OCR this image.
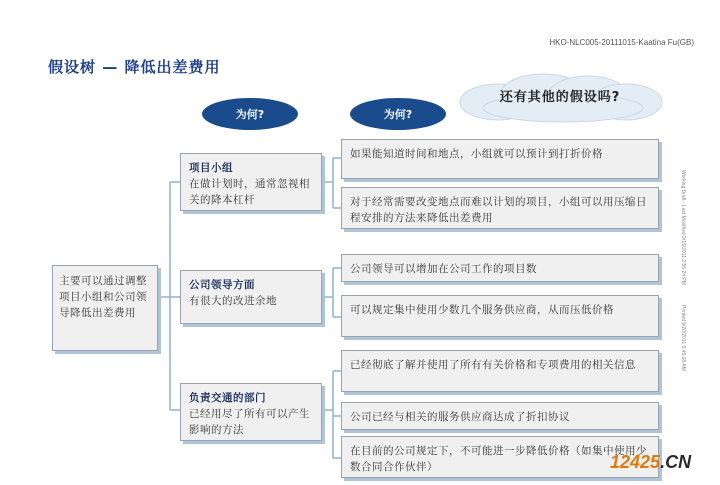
HKO-NLC005-20111015-Kaatina Fu(GB)
假设树 — 降低出差费用
还有其他的假设吗?
为何?	为何?
主要可以通过调整项目小组和公司领导降低出差费用
项目小组
在做计划时，通常忽视相关的降本杠杆
公司领导方面
有很大的改进余地
负责交通的部门
已经用尽了所有可以产生影响的方法
如果能知道时间和地点，小组就可以预计到打折价格
对于经常需要改变地点而难以计划的项目，小组可以用压缩日程安排的方法来降低出差费用
公司领导可以增加在公司工作的项目数
可以规定集中使用少数几个服务供应商，从而压低价格
已经彻底了解并使用了所有有关价格和专项费用的相关信息
公司已经与相关的服务供应商达成了折扣协议
在目前的公司规定下，不可能进一步降低价格（如集中使用少数合同合作伙伴）
Working Draft - Last Modified 9/15/2011 2:55:24 PM
Printed 9/20/2011 5:45:38 AM
12425.CN
